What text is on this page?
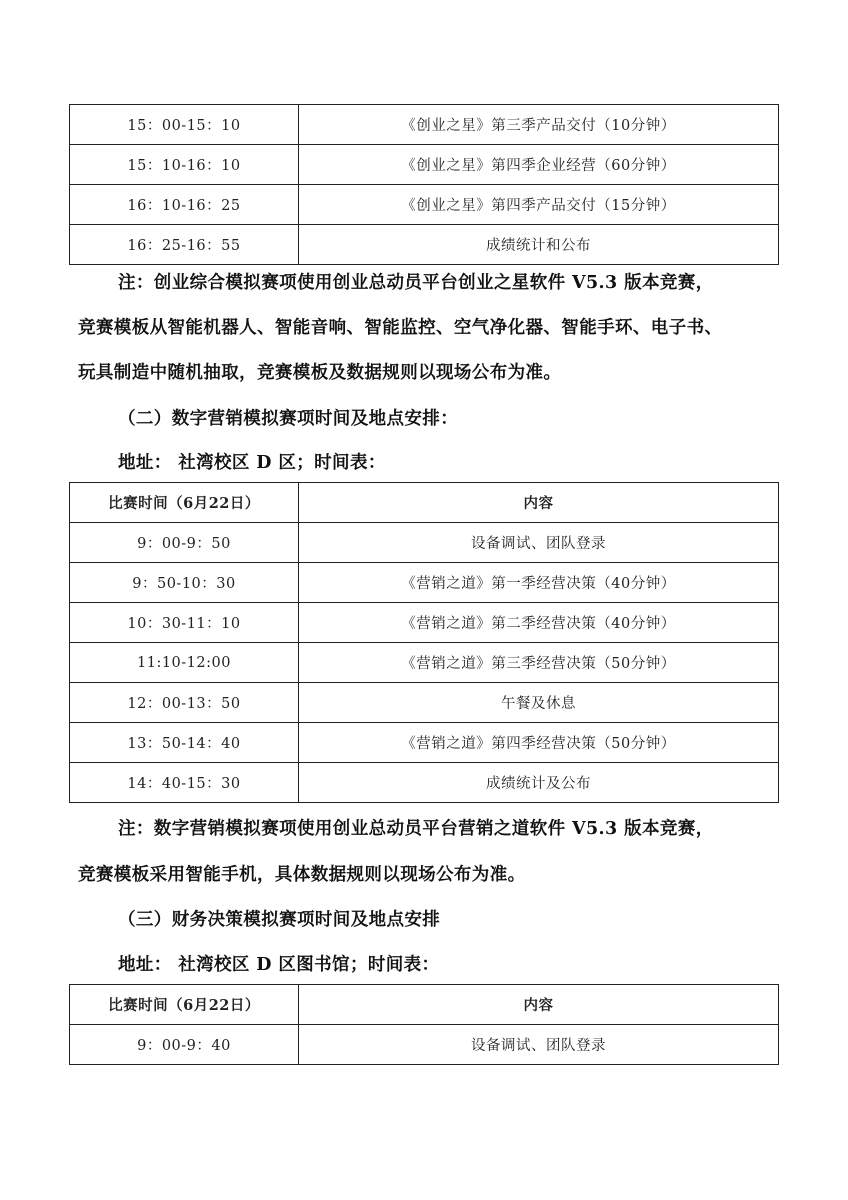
15：00-15：10	《创业之星》第三季产品交付（10分钟）
15：10-16：10	《创业之星》第四季企业经营（60分钟）
16：10-16：25	《创业之星》第四季产品交付（15分钟）
16：25-16：55	成绩统计和公布
注：创业综合模拟赛项使用创业总动员平台创业之星软件 V5.3 版本竞赛，
竞赛模板从智能机器人、智能音响、智能监控、空气净化器、智能手环、电子书、
玩具制造中随机抽取，竞赛模板及数据规则以现场公布为准。
（二）数字营销模拟赛项时间及地点安排：
地址： 社湾校区 D 区；时间表：
比赛时间（6月22日）	内容
9：00-9：50	设备调试、团队登录
9：50-10：30	《营销之道》第一季经营决策（40分钟）
10：30-11：10	《营销之道》第二季经营决策（40分钟）
11:10-12:00	《营销之道》第三季经营决策（50分钟）
12：00-13：50	午餐及休息
13：50-14：40	《营销之道》第四季经营决策（50分钟）
14：40-15：30	成绩统计及公布
注：数字营销模拟赛项使用创业总动员平台营销之道软件 V5.3 版本竞赛，
竞赛模板采用智能手机，具体数据规则以现场公布为准。
（三）财务决策模拟赛项时间及地点安排
地址： 社湾校区 D 区图书馆；时间表：
比赛时间（6月22日）	内容
9：00-9：40	设备调试、团队登录
